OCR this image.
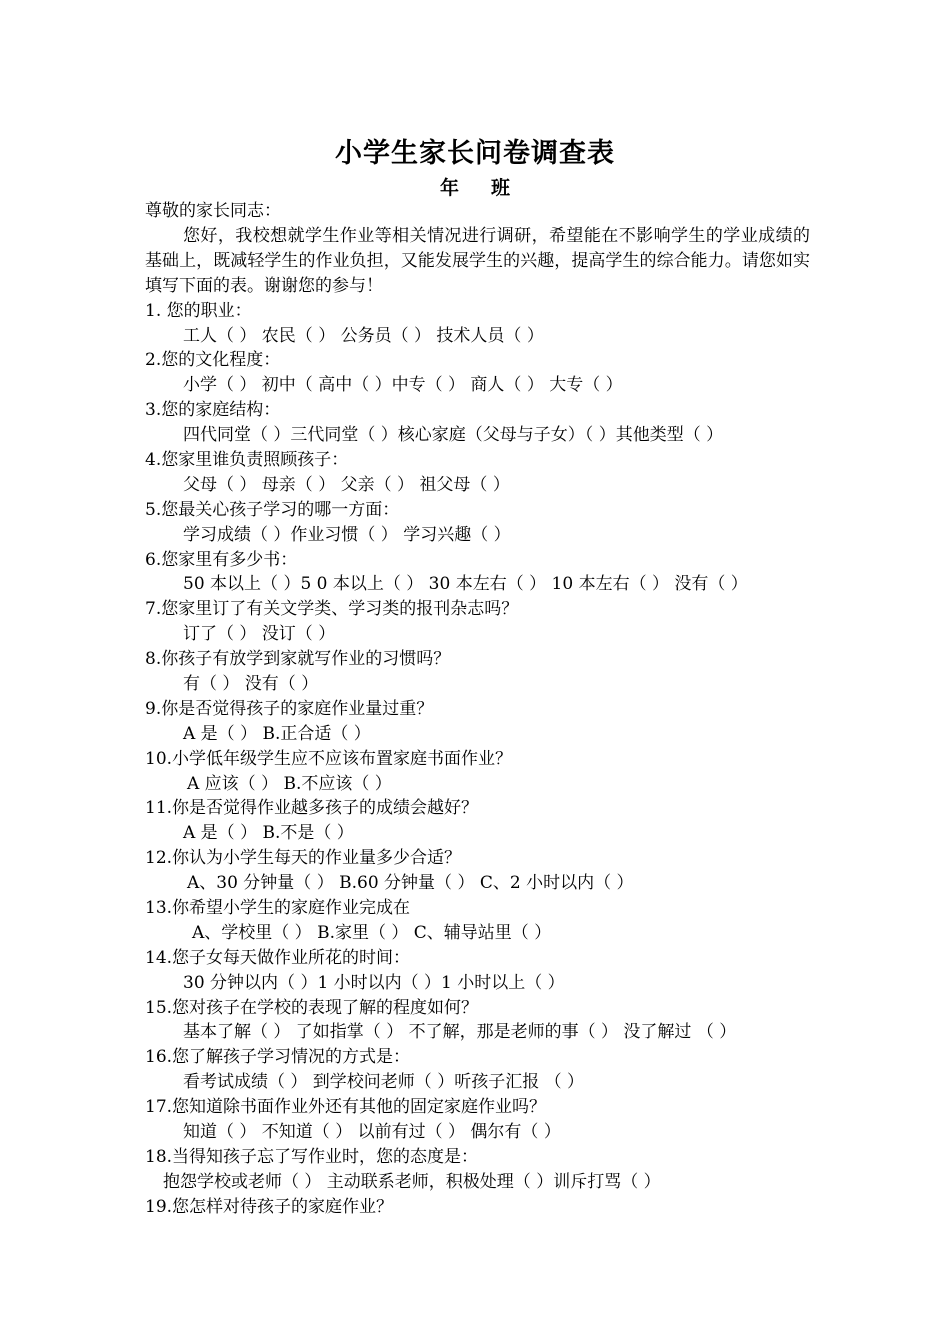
小学生家长问卷调查表
年 班
尊敬的家长同志：
您好，我校想就学生作业等相关情况进行调研，希望能在不影响学生的学业成绩的基础上，既减轻学生的作业负担，又能发展学生的兴趣，提高学生的综合能力。请您如实填写下面的表。谢谢您的参与！
1. 您的职业：
工人（ ） 农民（ ） 公务员（ ） 技术人员（ ）
2.您的文化程度：
小学（ ） 初中（ 高中（ ）中专（ ） 商人（ ） 大专（ ）
3.您的家庭结构：
四代同堂（ ）三代同堂（ ）核心家庭（父母与子女）（ ）其他类型（ ）
4.您家里谁负责照顾孩子：
父母（ ） 母亲（ ） 父亲（ ） 祖父母（ ）
5.您最关心孩子学习的哪一方面：
学习成绩（ ）作业习惯（ ） 学习兴趣（ ）
6.您家里有多少书：
50 本以上（ ）5 0 本以上（ ） 30 本左右（ ） 10 本左右（ ） 没有（ ）
7.您家里订了有关文学类、学习类的报刊杂志吗？
订了（ ） 没订（ ）
8.你孩子有放学到家就写作业的习惯吗？
有（ ） 没有（ ）
9.你是否觉得孩子的家庭作业量过重？
A 是（ ） B.正合适（ ）
10.小学低年级学生应不应该布置家庭书面作业？
A 应该（ ） B.不应该（ ）
11.你是否觉得作业越多孩子的成绩会越好？
A 是（ ） B.不是（ ）
12.你认为小学生每天的作业量多少合适？
A、30 分钟量（ ） B.60 分钟量（ ） C、2 小时以内（ ）
13.你希望小学生的家庭作业完成在
A、学校里（ ） B.家里（ ） C、辅导站里（ ）
14.您子女每天做作业所花的时间：
30 分钟以内（ ）1 小时以内（ ）1 小时以上（ ）
15.您对孩子在学校的表现了解的程度如何？
基本了解（ ） 了如指掌（ ） 不了解，那是老师的事（ ） 没了解过 （ ）
16.您了解孩子学习情况的方式是：
看考试成绩（ ） 到学校问老师（ ）听孩子汇报 （ ）
17.您知道除书面作业外还有其他的固定家庭作业吗？
知道（ ） 不知道（ ） 以前有过（ ） 偶尔有（ ）
18.当得知孩子忘了写作业时，您的态度是：
抱怨学校或老师（ ） 主动联系老师，积极处理（ ）训斥打骂（ ）
19.您怎样对待孩子的家庭作业？
